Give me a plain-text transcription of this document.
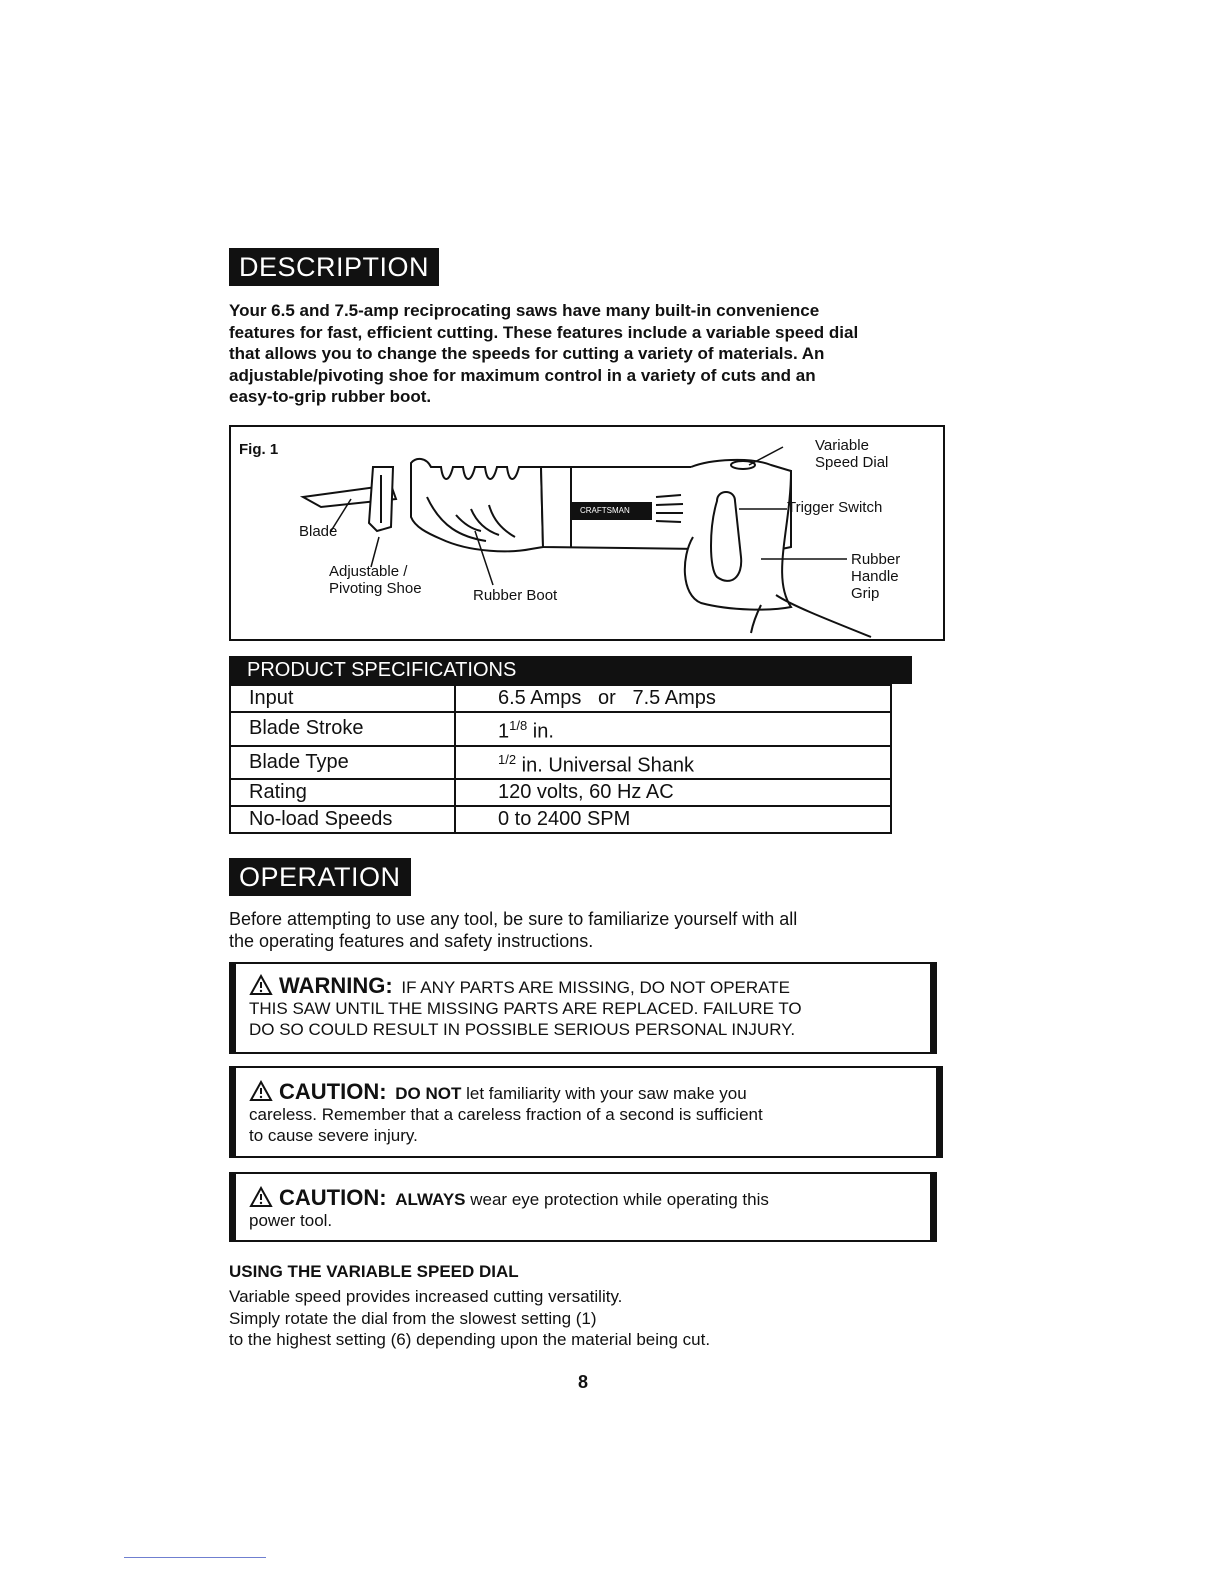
DESCRIPTION
Your 6.5 and 7.5-amp reciprocating saws have many built-in convenience
features for fast, efficient cutting. These features include a variable speed dial
that allows you to change the speeds for cutting a variety of materials. An
adjustable/pivoting shoe for maximum control in a variety of cuts and an
easy-to-grip rubber boot.
CRAFTSMAN
Fig. 1	Variable
Speed Dial
Trigger Switch
Rubber
Handle
Grip
Blade
Adjustable /
Pivoting Shoe	Rubber Boot
PRODUCT SPECIFICATIONS
Input	6.5 Amps   or   7.5 Amps
Blade Stroke	$1^{1/8}$ in.
Blade Type	$^{1/2}$ in. Universal Shank
Rating	120 volts, 60 Hz AC
No-load Speeds	0 to 2400 SPM
OPERATION
Before attempting to use any tool, be sure to familiarize yourself with all
the operating features and safety instructions.
WARNING: IF ANY PARTS ARE MISSING, DO NOT OPERATE
THIS SAW UNTIL THE MISSING PARTS ARE REPLACED. FAILURE TO
DO SO COULD RESULT IN POSSIBLE SERIOUS PERSONAL INJURY.
CAUTION: DO NOT let familiarity with your saw make you
careless. Remember that a careless fraction of a second is sufficient
to cause severe injury.
CAUTION: ALWAYS wear eye protection while operating this
power tool.
USING THE VARIABLE SPEED DIAL
Variable speed provides increased cutting versatility.
Simply rotate the dial from the slowest setting (1)
to the highest setting (6) depending upon the material being cut.
8
